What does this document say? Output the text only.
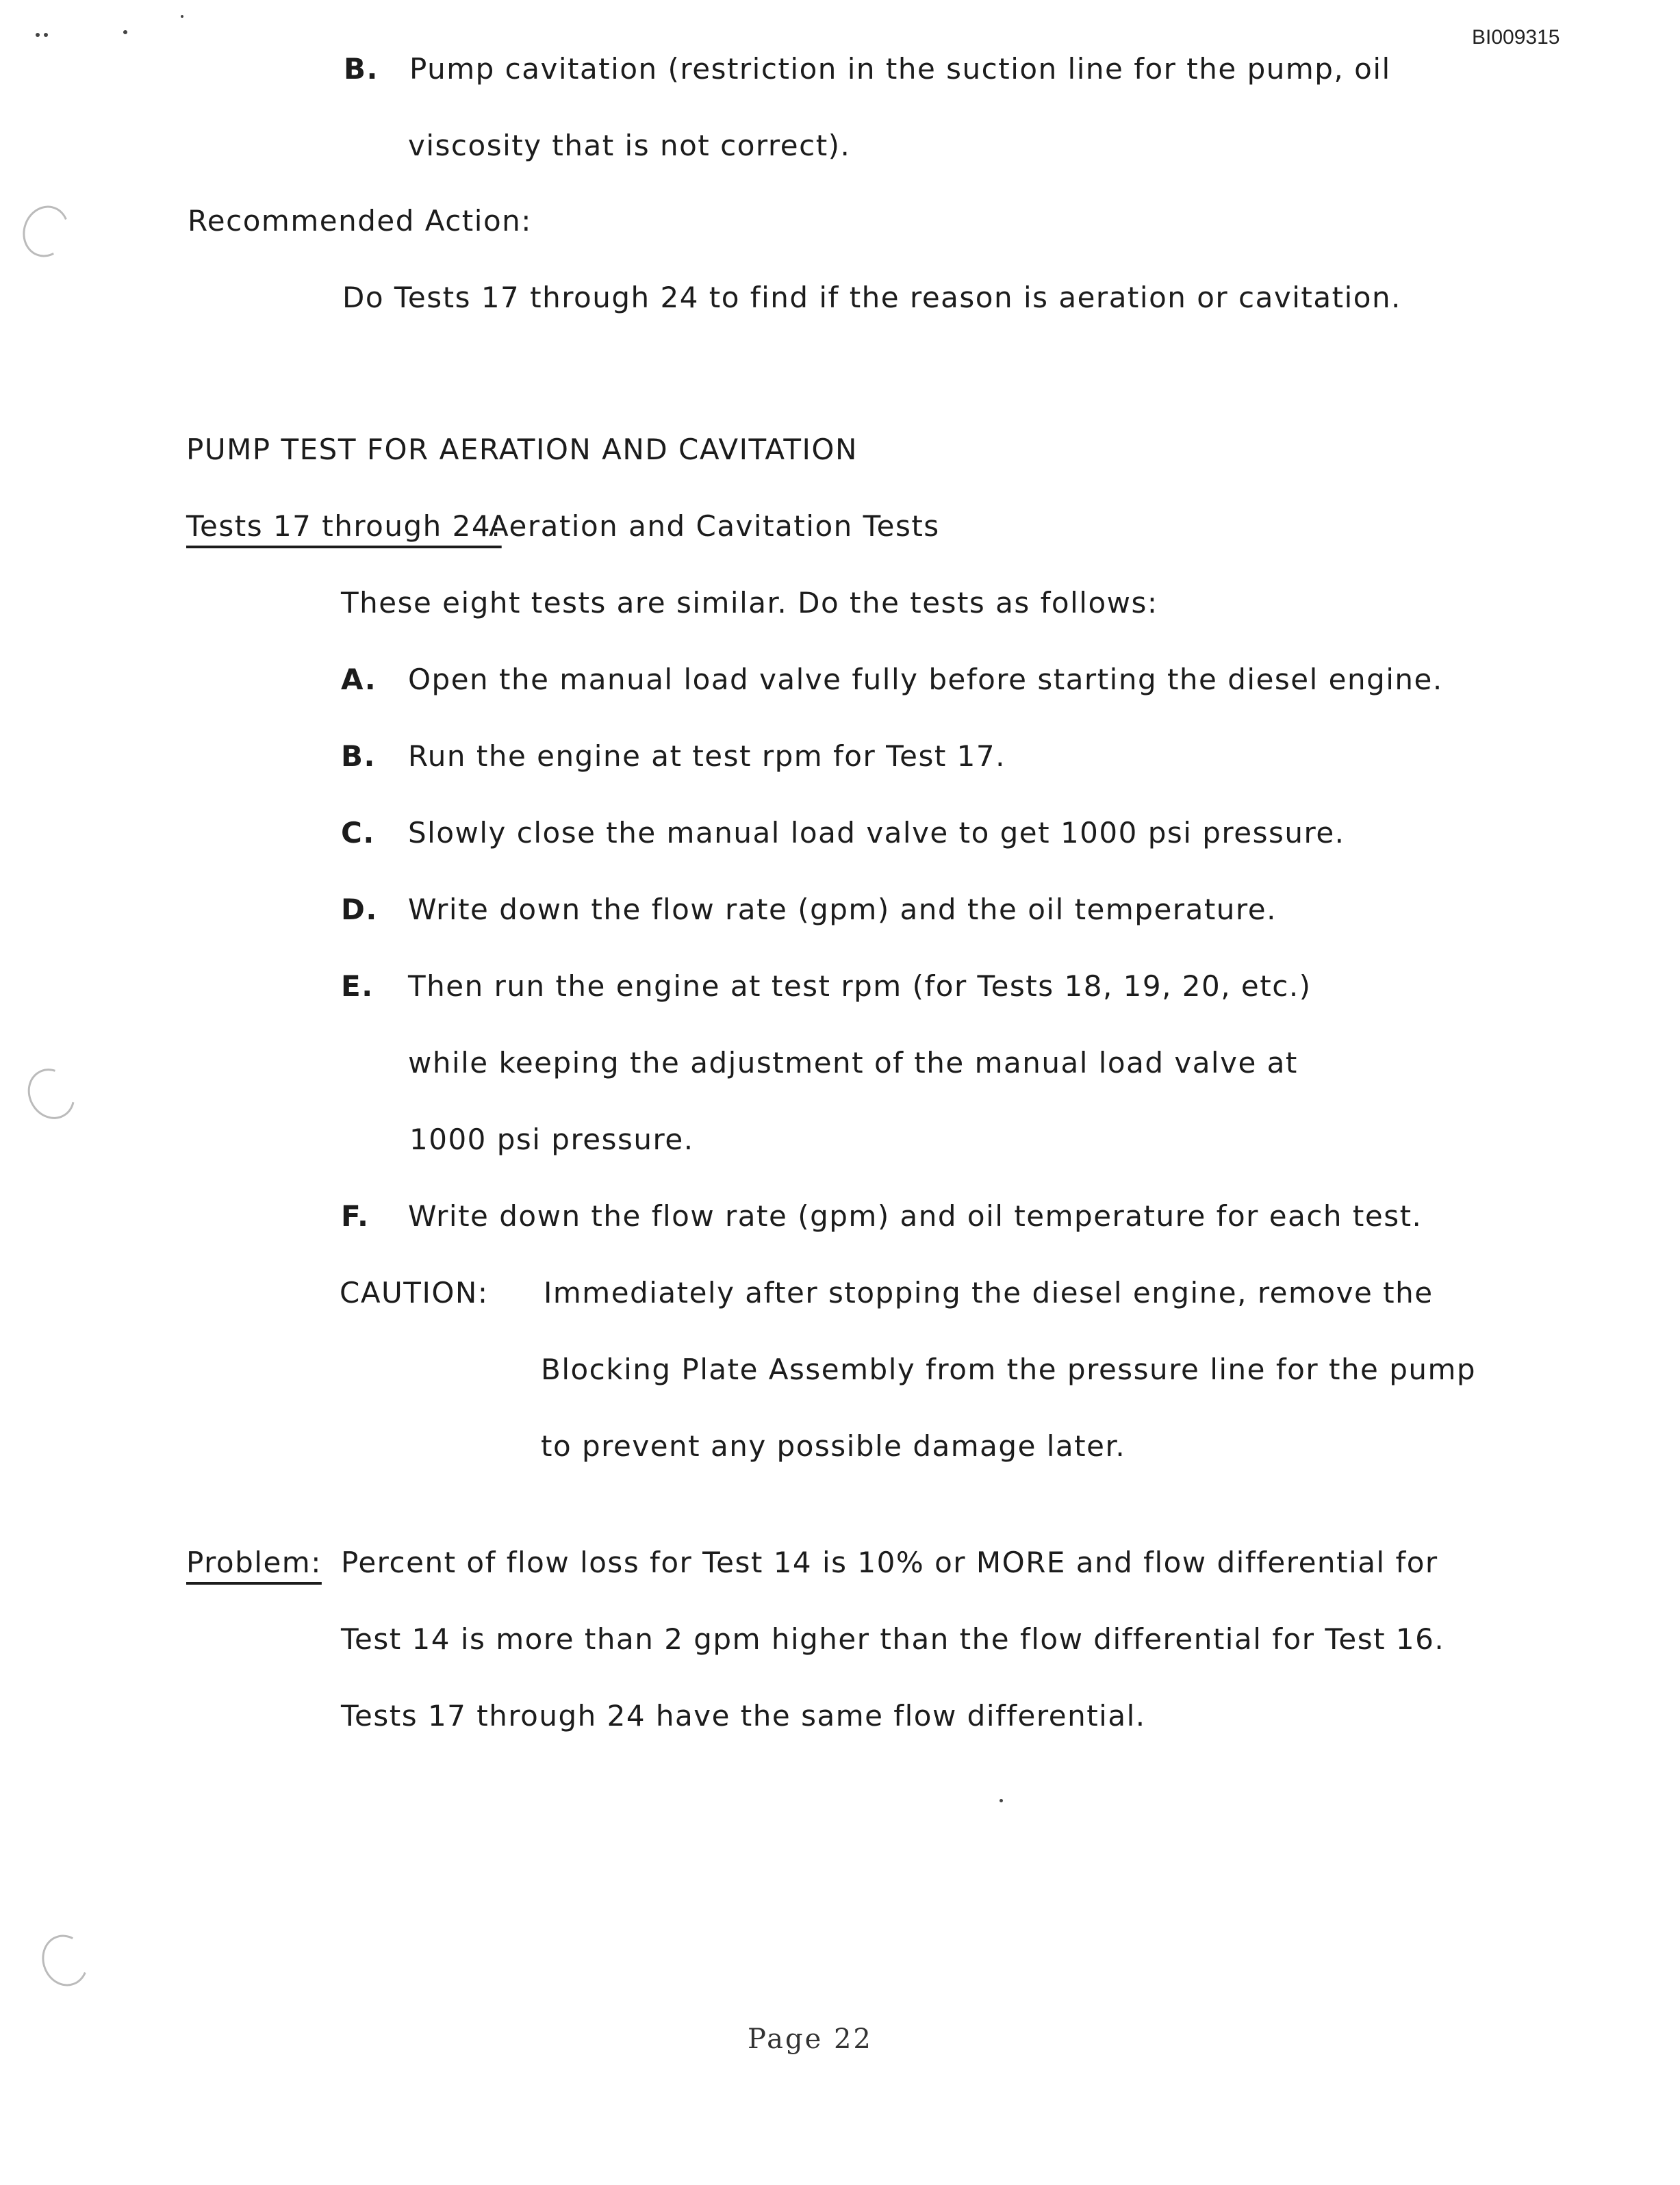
BI009315
B. Pump cavitation (restriction in the suction line for the pump, oil
viscosity that is not correct).
Recommended Action:
Do Tests 17 through 24 to find if the reason is aeration or cavitation.
PUMP TEST FOR AERATION AND CAVITATION
Tests 17 through 24:
Aeration and Cavitation Tests
These eight tests are similar. Do the tests as follows:
A. Open the manual load valve fully before starting the diesel engine.
B. Run the engine at test rpm for Test 17.
C. Slowly close the manual load valve to get 1000 psi pressure.
D. Write down the flow rate (gpm) and the oil temperature.
E. Then run the engine at test rpm (for Tests 18, 19, 20, etc.)
while keeping the adjustment of the manual load valve at
1000 psi pressure.
F. Write down the flow rate (gpm) and oil temperature for each test.
CAUTION: Immediately after stopping the diesel engine, remove the
Blocking Plate Assembly from the pressure line for the pump
to prevent any possible damage later.
Problem: Percent of flow loss for Test 14 is 10% or MORE and flow differential for
Test 14 is more than 2 gpm higher than the flow differential for Test 16.
Tests 17 through 24 have the same flow differential.
Page 22
